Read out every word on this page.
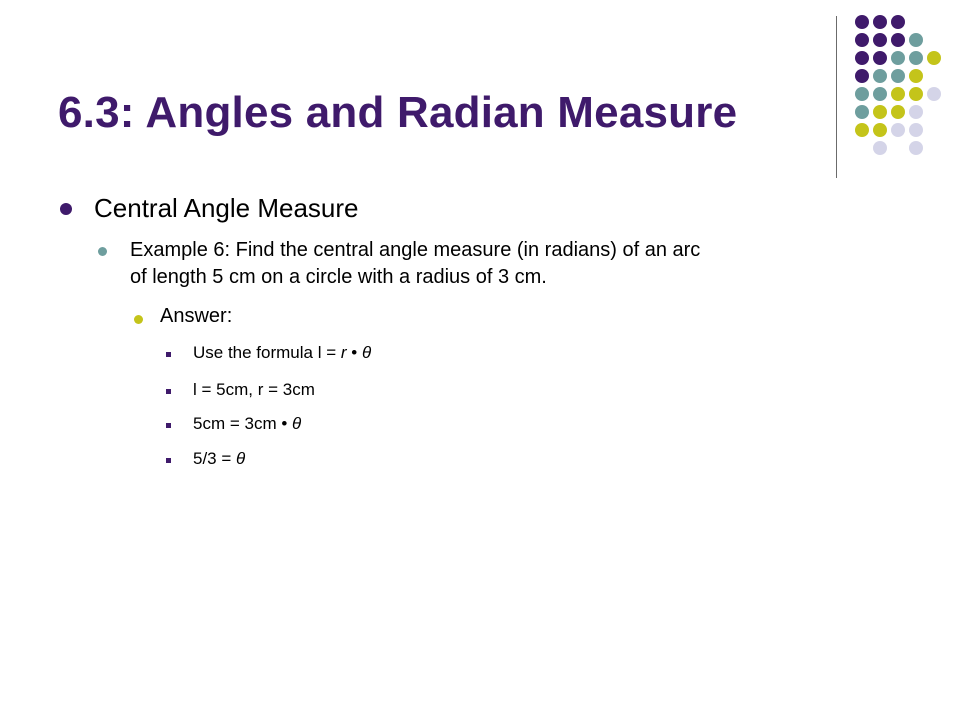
6.3: Angles and Radian Measure
Central Angle Measure
Example 6: Find the central angle measure (in radians) of an arc
of length 5 cm on a circle with a radius of 3 cm.
Answer:
Use the formula l = r • θ
l = 5cm, r = 3cm
5cm = 3cm • θ
5/3 = θ
